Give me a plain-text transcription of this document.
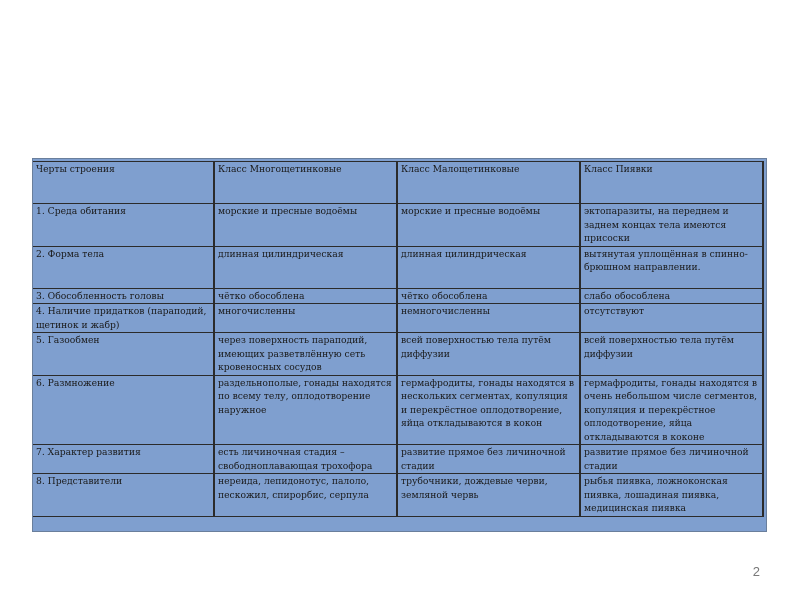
Черты строения	Класс Многощетинковые	Класс Малощетинковые	Класс Пиявки
1. Среда обитания	морские и пресные водоёмы	морские и пресные водоёмы	эктопаразиты, на переднем и заднем концах тела имеются присоски
2. Форма тела	длинная цилиндрическая	длинная цилиндрическая	вытянутая уплощённая в спинно-брюшном направлении.
3. Обособленность головы	чётко обособлена	чётко обособлена	слабо обособлена
4. Наличие придатков (параподий, щетинок и жабр)	многочисленны	немногочисленны	отсутствуют
5. Газообмен	через поверхность параподий, имеющих разветвлённую сеть кровеносных сосудов	всей поверхностью тела путём диффузии	всей поверхностью тела путём диффузии
6. Размножение	раздельнополые, гонады находятся по всему телу, оплодотворение наружное	гермафродиты, гонады находятся в нескольких сегментах, копуляция и перекрёстное оплодотворение, яйца откладываются в кокон	гермафродиты, гонады находятся в очень небольшом числе сегментов, копуляция и перекрёстное оплодотворение, яйца откладываются в коконе
7. Характер развития	есть личиночная стадия – свободноплавающая трохофора	развитие прямое без личиночной стадии	развитие прямое без личиночной стадии
8. Представители	нереида, лепидонотус, палоло, пескожил, спирорбис, серпула	трубочники, дождевые черви, земляной червь	рыбья пиявка, ложноконская пиявка, лошадиная пиявка, медицинская пиявка
2
